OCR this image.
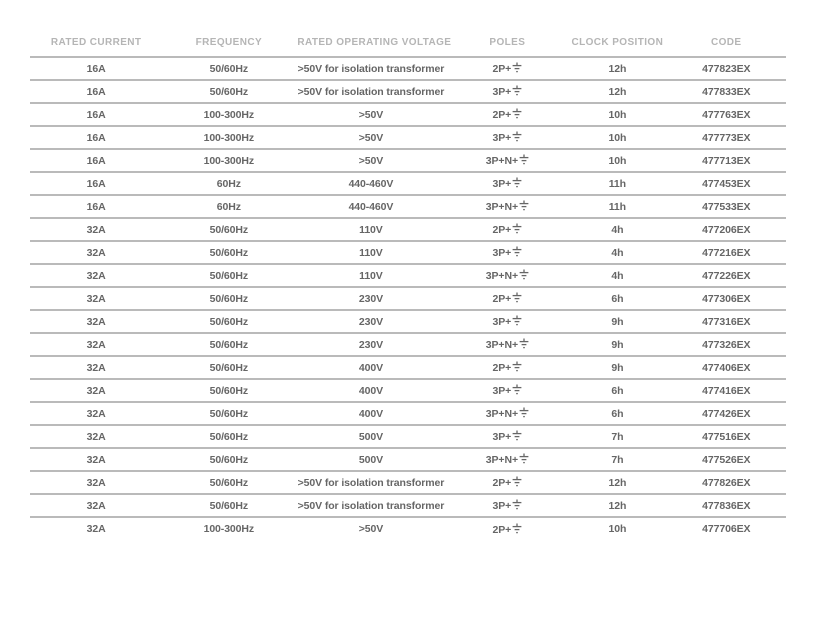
RATED CURRENT	FREQUENCY	RATED OPERATING VOLTAGE	POLES	CLOCK POSITION	CODE
16A	50/60Hz	>50V for isolation transformer	2P+	12h	477823EX
16A	50/60Hz	>50V for isolation transformer	3P+	12h	477833EX
16A	100-300Hz	>50V	2P+	10h	477763EX
16A	100-300Hz	>50V	3P+	10h	477773EX
16A	100-300Hz	>50V	3P+N+	10h	477713EX
16A	60Hz	440-460V	3P+	11h	477453EX
16A	60Hz	440-460V	3P+N+	11h	477533EX
32A	50/60Hz	110V	2P+	4h	477206EX
32A	50/60Hz	110V	3P+	4h	477216EX
32A	50/60Hz	110V	3P+N+	4h	477226EX
32A	50/60Hz	230V	2P+	6h	477306EX
32A	50/60Hz	230V	3P+	9h	477316EX
32A	50/60Hz	230V	3P+N+	9h	477326EX
32A	50/60Hz	400V	2P+	9h	477406EX
32A	50/60Hz	400V	3P+	6h	477416EX
32A	50/60Hz	400V	3P+N+	6h	477426EX
32A	50/60Hz	500V	3P+	7h	477516EX
32A	50/60Hz	500V	3P+N+	7h	477526EX
32A	50/60Hz	>50V for isolation transformer	2P+	12h	477826EX
32A	50/60Hz	>50V for isolation transformer	3P+	12h	477836EX
32A	100-300Hz	>50V	2P+	10h	477706EX
